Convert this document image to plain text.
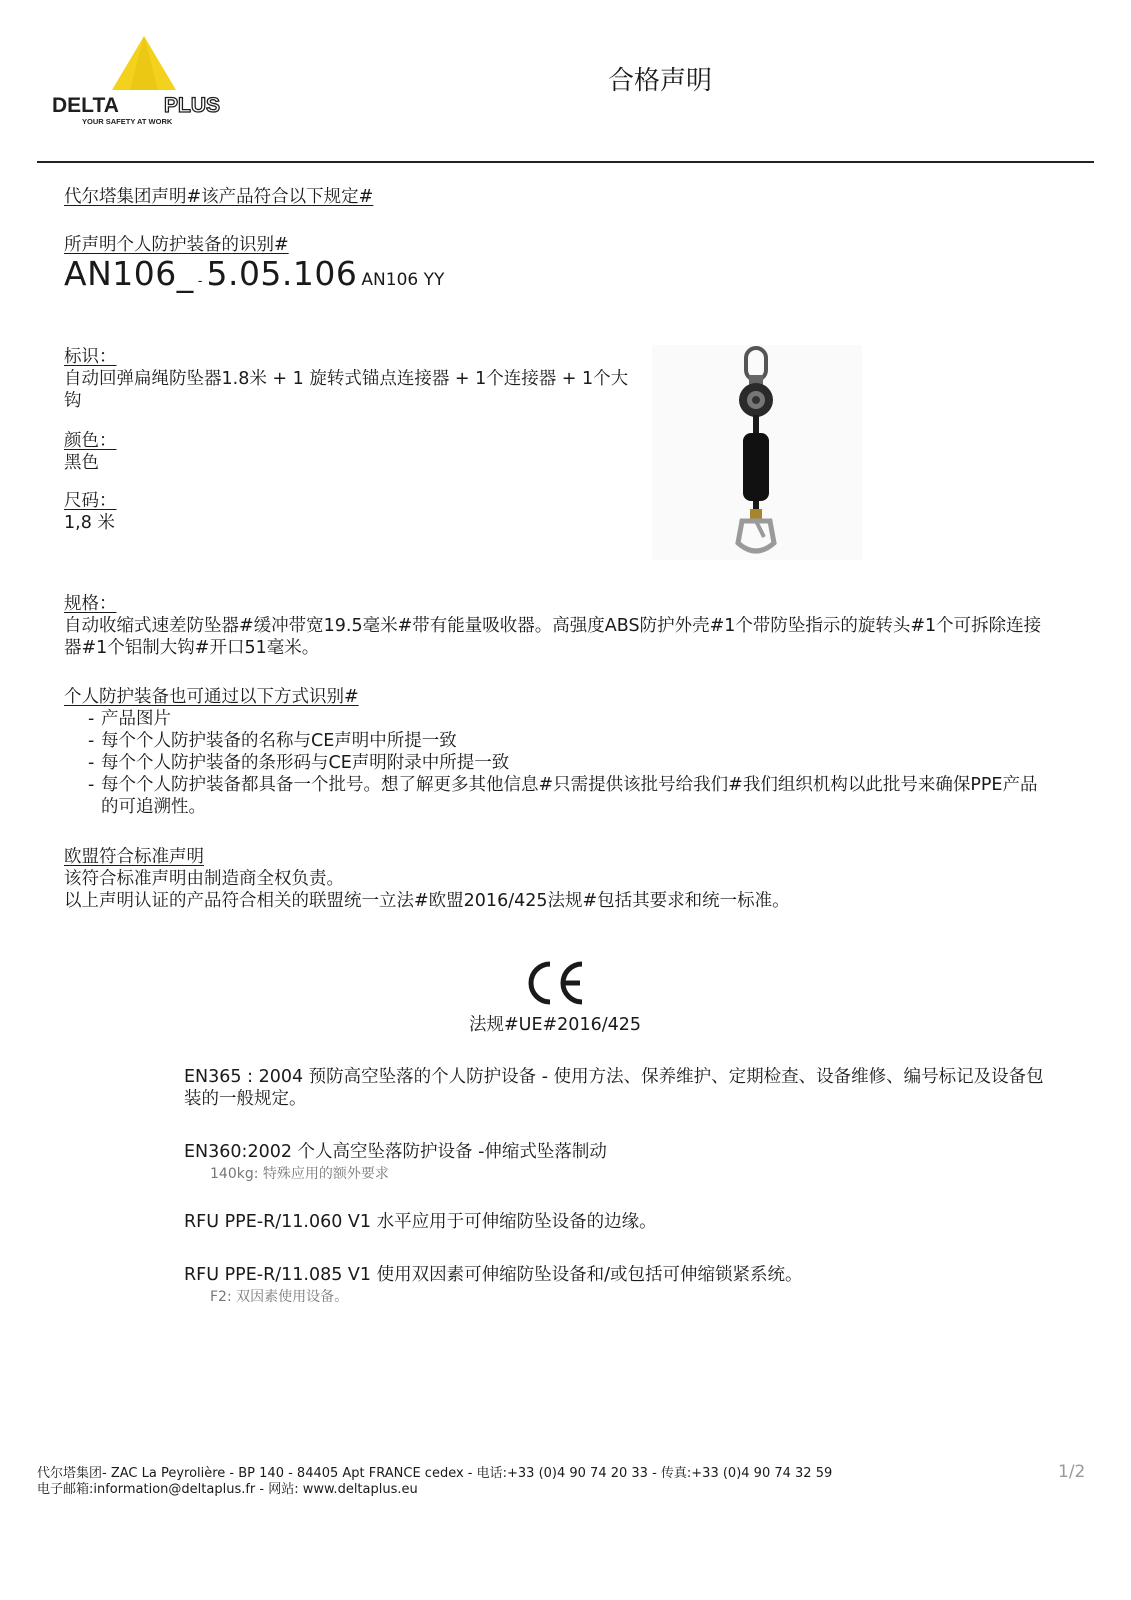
DELTA PLUS
YOUR SAFETY AT WORK
合格声明
代尔塔集团声明#该产品符合以下规定#
所声明个人防护装备的识别#
AN106_ - 5.05.106 AN106 YY
标识：
自动回弹扁绳防坠器1.8米 + 1 旋转式锚点连接器 + 1个连接器 + 1个大钩
颜色：
黑色
尺码：
1,8 米
规格：
自动收缩式速差防坠器#缓冲带宽19.5毫米#带有能量吸收器。高强度ABS防护外壳#1个带防坠指示的旋转头#1个可拆除连接器#1个铝制大钩#开口51毫米。
个人防护装备也可通过以下方式识别#
- 产品图片
- 每个个人防护装备的名称与CE声明中所提一致
- 每个个人防护装备的条形码与CE声明附录中所提一致
- 每个个人防护装备都具备一个批号。想了解更多其他信息#只需提供该批号给我们#我们组织机构以此批号来确保PPE产品的可追溯性。
欧盟符合标准声明
该符合标准声明由制造商全权负责。
以上声明认证的产品符合相关的联盟统一立法#欧盟2016/425法规#包括其要求和统一标准。
法规#UE#2016/425
EN365 : 2004 预防高空坠落的个人防护设备 - 使用方法、保养维护、定期检查、设备维修、编号标记及设备包装的一般规定。
EN360:2002 个人高空坠落防护设备 -伸缩式坠落制动
140kg: 特殊应用的额外要求
RFU PPE-R/11.060 V1 水平应用于可伸缩防坠设备的边缘。
RFU PPE-R/11.085 V1 使用双因素可伸缩防坠设备和/或包括可伸缩锁紧系统。
F2: 双因素使用设备。
代尔塔集团- ZAC La Peyrolière - BP 140 - 84405 Apt FRANCE cedex - 电话:+33 (0)4 90 74 20 33 - 传真:+33 (0)4 90 74 32 59
电子邮箱:information@deltaplus.fr - 网站: www.deltaplus.eu
1/2
